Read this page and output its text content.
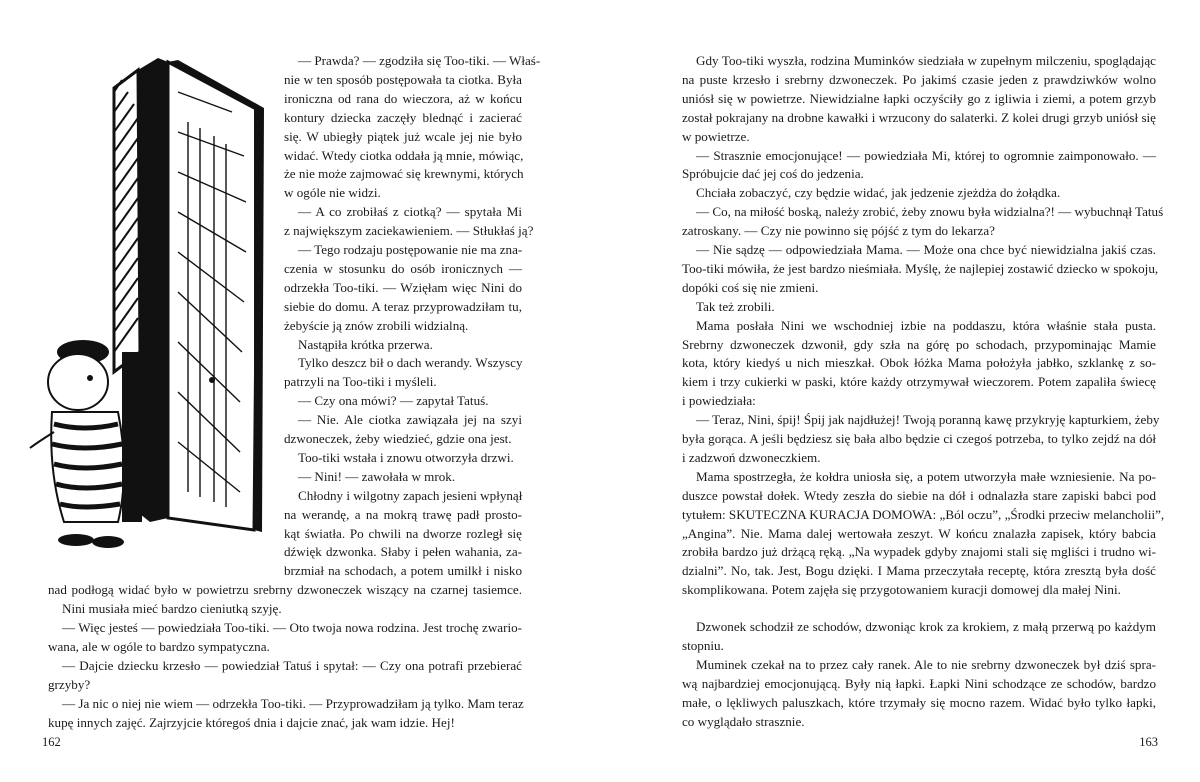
— Prawda? — zgodziła się Too-tiki. — Właś-
nie w ten sposób postępowała ta ciotka. Była
ironiczna od rana do wieczora, aż w końcu
kontury dziecka zaczęły blednąć i zacierać
się. W ubiegły piątek już wcale jej nie było
widać. Wtedy ciotka oddała ją mnie, mówiąc,
że nie może zajmować się krewnymi, których
w ogóle nie widzi.
— A co zrobiłaś z ciotką? — spytała Mi
z największym zaciekawieniem. — Stłukłaś ją?
— Tego rodzaju postępowanie nie ma zna-
czenia w stosunku do osób ironicznych —
odrzekła Too-tiki. — Wzięłam więc Nini do
siebie do domu. A teraz przyprowadziłam tu,
żebyście ją znów zrobili widzialną.
Nastąpiła krótka przerwa.
Tylko deszcz bił o dach werandy. Wszyscy
patrzyli na Too-tiki i myśleli.
— Czy ona mówi? — zapytał Tatuś.
— Nie. Ale ciotka zawiązała jej na szyi
dzwoneczek, żeby wiedzieć, gdzie ona jest.
Too-tiki wstała i znowu otworzyła drzwi.
— Nini! — zawołała w mrok.
Chłodny i wilgotny zapach jesieni wpłynął
na werandę, a na mokrą trawę padł prosto-
kąt światła. Po chwili na dworze rozległ się
dźwięk dzwonka. Słaby i pełen wahania, za-
brzmiał na schodach, a potem umilkł i nisko
nad podłogą widać było w powietrzu srebrny dzwoneczek wiszący na czarnej tasiemce.
Nini musiała mieć bardzo cieniutką szyję.
— Więc jesteś — powiedziała Too-tiki. — Oto twoja nowa rodzina. Jest trochę zwario-
wana, ale w ogóle to bardzo sympatyczna.
— Dajcie dziecku krzesło — powiedział Tatuś i spytał: — Czy ona potrafi przebierać
grzyby?
— Ja nic o niej nie wiem — odrzekła Too-tiki. — Przyprowadziłam ją tylko. Mam teraz
kupę innych zajęć. Zajrzyjcie któregoś dnia i dajcie znać, jak wam idzie. Hej!
162
Gdy Too-tiki wyszła, rodzina Muminków siedziała w zupełnym milczeniu, spoglądając
na puste krzesło i srebrny dzwoneczek. Po jakimś czasie jeden z prawdziwków wolno
uniósł się w powietrze. Niewidzialne łapki oczyściły go z igliwia i ziemi, a potem grzyb
został pokrajany na drobne kawałki i wrzucony do salaterki. Z kolei drugi grzyb uniósł się
w powietrze.
— Strasznie emocjonujące! — powiedziała Mi, której to ogromnie zaimponowało. —
Spróbujcie dać jej coś do jedzenia.
Chciała zobaczyć, czy będzie widać, jak jedzenie zjeżdża do żołądka.
— Co, na miłość boską, należy zrobić, żeby znowu była widzialna?! — wybuchnął Tatuś
zatroskany. — Czy nie powinno się pójść z tym do lekarza?
— Nie sądzę — odpowiedziała Mama. — Może ona chce być niewidzialna jakiś czas.
Too-tiki mówiła, że jest bardzo nieśmiała. Myślę, że najlepiej zostawić dziecko w spokoju,
dopóki coś się nie zmieni.
Tak też zrobili.
Mama posłała Nini we wschodniej izbie na poddaszu, która właśnie stała pusta.
Srebrny dzwoneczek dzwonił, gdy szła na górę po schodach, przypominając Mamie
kota, który kiedyś u nich mieszkał. Obok łóżka Mama położyła jabłko, szklankę z so-
kiem i trzy cukierki w paski, które każdy otrzymywał wieczorem. Potem zapaliła świecę
i powiedziała:
— Teraz, Nini, śpij! Śpij jak najdłużej! Twoją poranną kawę przykryję kapturkiem, żeby
była gorąca. A jeśli będziesz się bała albo będzie ci czegoś potrzeba, to tylko zejdź na dół
i zadzwoń dzwoneczkiem.
Mama spostrzegła, że kołdra uniosła się, a potem utworzyła małe wzniesienie. Na po-
duszce powstał dołek. Wtedy zeszła do siebie na dół i odnalazła stare zapiski babci pod
tytułem: SKUTECZNA KURACJA DOMOWA: „Ból oczu”, „Środki przeciw melancholii”,
„Angina”. Nie. Mama dalej wertowała zeszyt. W końcu znalazła zapisek, który babcia
zrobiła bardzo już drżącą ręką. „Na wypadek gdyby znajomi stali się mgliści i trudno wi-
dzialni”. No, tak. Jest, Bogu dzięki. I Mama przeczytała receptę, która zresztą była dość
skomplikowana. Potem zajęła się przygotowaniem kuracji domowej dla małej Nini.
Dzwonek schodził ze schodów, dzwoniąc krok za krokiem, z małą przerwą po każdym
stopniu.
Muminek czekał na to przez cały ranek. Ale to nie srebrny dzwoneczek był dziś spra-
wą najbardziej emocjonującą. Były nią łapki. Łapki Nini schodzące ze schodów, bardzo
małe, o lękliwych paluszkach, które trzymały się mocno razem. Widać było tylko łapki,
co wyglądało strasznie.
163
